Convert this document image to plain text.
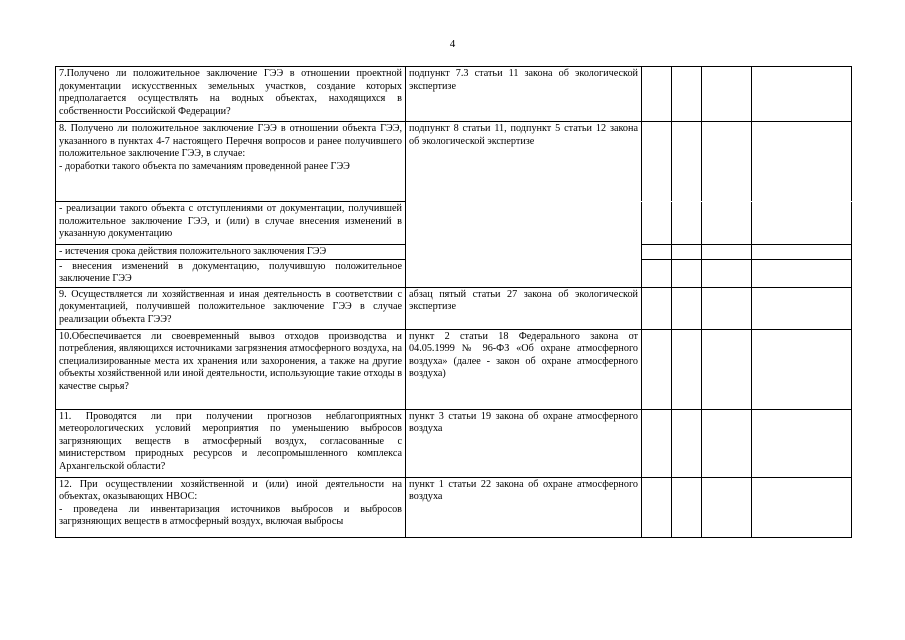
4
7.Получено ли положительное заключение ГЭЭ в отношении проектной документации искусственных земельных участков, создание которых предполагается осуществлять на водных объектах, находящихся в собственности Российской Федерации?	подпункт 7.3 статьи 11 закона об экологической экспертизе				

8. Получено ли положительное заключение ГЭЭ в отношении объекта ГЭЭ, указанного в пунктах 4-7 настоящего Перечня вопросов и ранее получившего положительное заключение ГЭЭ, в случае:
- доработки такого объекта по замечаниям проведенной ранее ГЭЭ	подпункт 8 статьи 11, подпункт 5 статьи 12 закона об экологической экспертизе				
- реализации такого объекта с отступлениями от документации, получившей положительное заключение ГЭЭ, и (или) в случае внесения изменений в указанную документацию					
- истечения срока действия положительного заключения ГЭЭ					
- внесения изменений в документацию, получившую положительное заключение ГЭЭ					
9. Осуществляется ли хозяйственная и иная деятельность в соответствии с документацией, получившей положительное заключение ГЭЭ в случае реализации объекта ГЭЭ?	абзац пятый статьи 27 закона об экологической экспертизе				
10.Обеспечивается ли своевременный вывоз отходов производства и потребления, являющихся источниками загрязнения атмосферного воздуха, на специализированные места их хранения или захоронения, а также на другие объекты хозяйственной или иной деятельности, использующие такие отходы в качестве сырья?	пункт 2 статьи 18 Федерального закона от 04.05.1999 № 96-ФЗ «Об охране атмосферного воздуха» (далее - закон об охране атмосферного воздуха)				
11. Проводятся ли при получении прогнозов неблагоприятных метеорологических условий мероприятия по уменьшению выбросов загрязняющих веществ в атмосферный воздух, согласованные с министерством природных ресурсов и лесопромышленного комплекса Архангельской области?	пункт 3 статьи 19 закона об охране атмосферного воздуха				

12. При осуществлении хозяйственной и (или) иной деятельности на объектах, оказывающих НВОС:
- проведена ли инвентаризация источников выбросов и выбросов загрязняющих веществ в атмосферный воздух, включая выбросы	пункт 1 статьи 22 закона об охране атмосферного воздуха				
